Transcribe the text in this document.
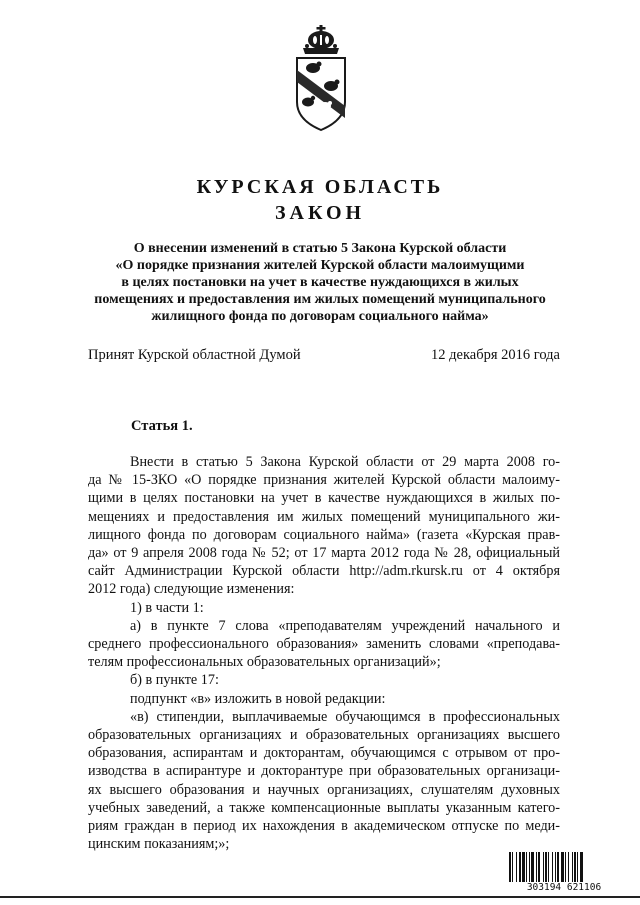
КУРСКАЯ ОБЛАСТЬ
ЗАКОН
О внесении изменений в статью 5 Закона Курской области
«О порядке признания жителей Курской области малоимущими
в целях постановки на учет в качестве нуждающихся в жилых
помещениях и предоставления им жилых помещений муниципального
жилищного фонда по договорам социального найма»
Принят Курской областной Думой	12 декабря 2016 года
Статья 1.
Внести в статью 5 Закона Курской области от 29 марта 2008 го-
да № 15-ЗКО «О порядке признания жителей Курской области малоиму-
щими в целях постановки на учет в качестве нуждающихся в жилых по-
мещениях и предоставления им жилых помещений муниципального жи-
лищного фонда по договорам социального найма» (газета «Курская прав-
да» от 9 апреля 2008 года № 52; от 17 марта 2012 года № 28, официальный
сайт Администрации Курской области http://adm.rkursk.ru от 4 октября
2012 года) следующие изменения:
1) в части 1:
а) в пункте 7 слова «преподавателям учреждений начального и
среднего профессионального образования» заменить словами «преподава-
телям профессиональных образовательных организаций»;
б) в пункте 17:
подпункт «в» изложить в новой редакции:
«в) стипендии, выплачиваемые обучающимся в профессиональных
образовательных организациях и образовательных организациях высшего
образования, аспирантам и докторантам, обучающимся с отрывом от про-
изводства в аспирантуре и докторантуре при образовательных организаци-
ях высшего образования и научных организациях, слушателям духовных
учебных заведений, а также компенсационные выплаты указанным катего-
риям граждан в период их нахождения в академическом отпуске по меди-
цинским показаниям;»;
303194 621106
